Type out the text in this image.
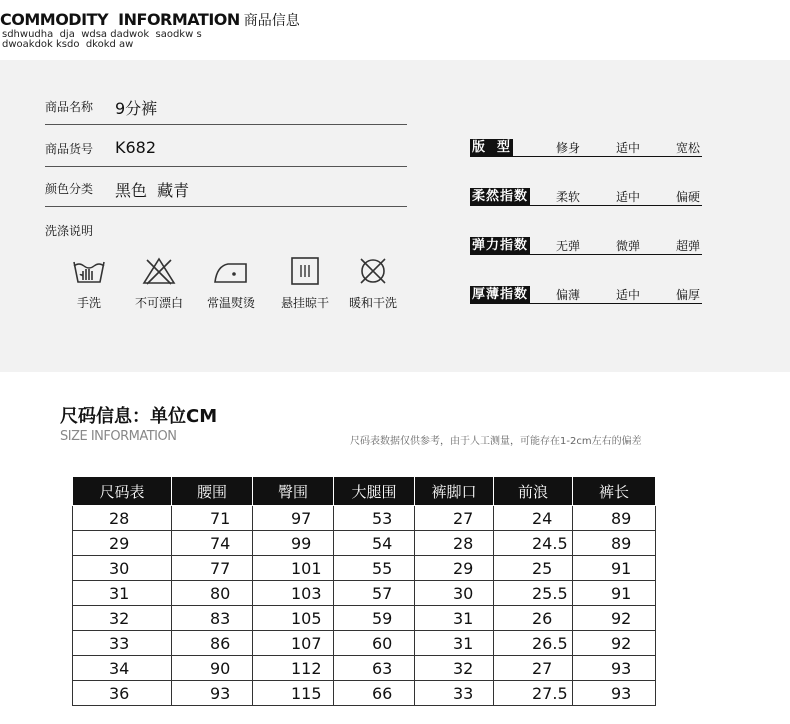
COMMODITY  INFORMATION 商品信息
sdhwudha  dja  wdsa dadwok  saodkw s
dwoakdok ksdo  dkokd aw
商品名称 9分裤
商品货号 K682
颜色分类 黑色  藏青
洗涤说明
手洗	不可漂白	常温熨烫	悬挂晾干	暖和干洗
版  型	修身	适中	宽松
柔然指数 柔软	适中	偏硬
弹力指数 无弹	微弹	超弹
厚薄指数 偏薄	适中	偏厚
尺码信息：单位CM
SIZE INFORMATION	尺码表数据仅供参考，由于人工测量，可能存在1-2cm左右的偏差
尺码表	腰围	臀围	大腿围	裤脚口	前浪	裤长
28	71	97	53	27	24	89
29	74	99	54	28	24.5	89
30	77	101	55	29	25	91
31	80	103	57	30	25.5	91
32	83	105	59	31	26	92
33	86	107	60	31	26.5	92
34	90	112	63	32	27	93
36	93	115	66	33	27.5	93
